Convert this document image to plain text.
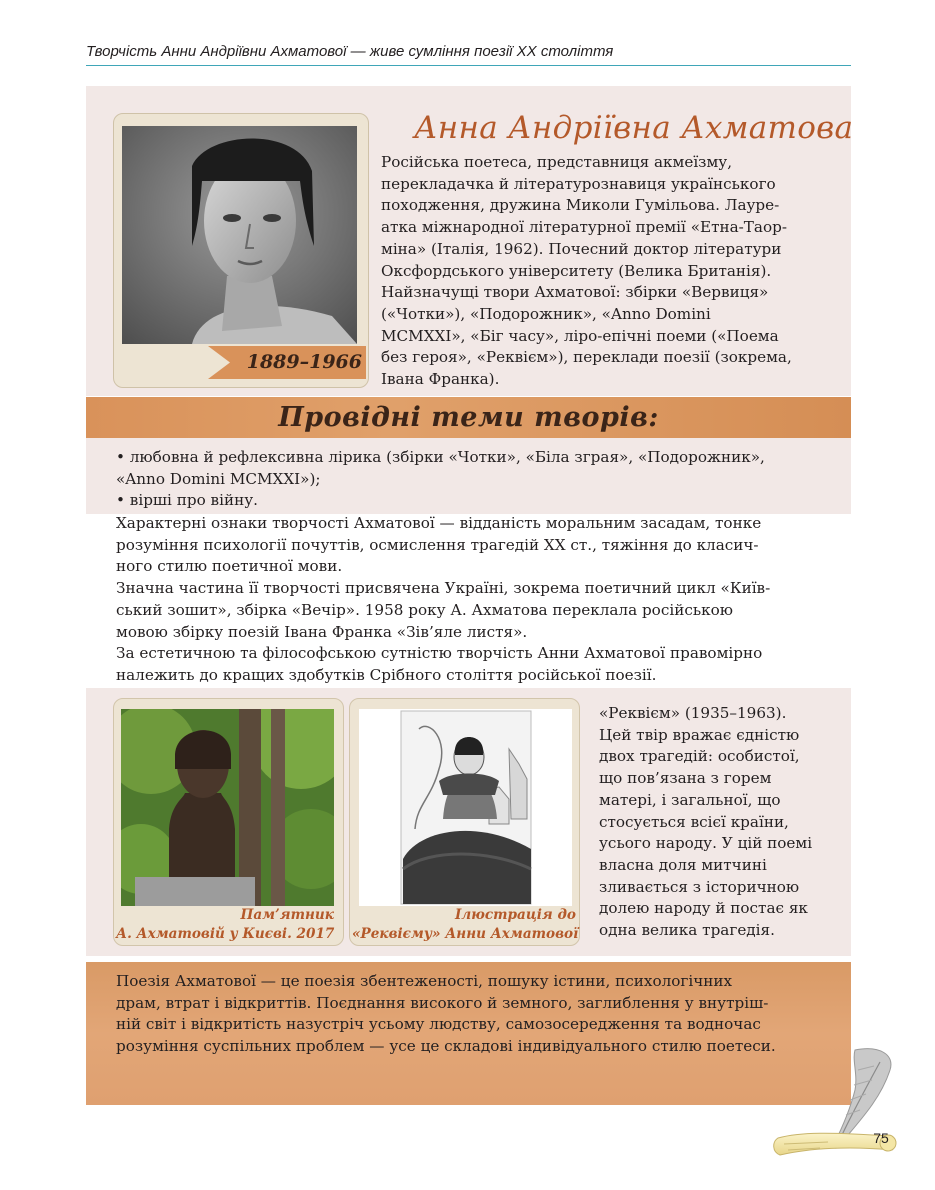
Творчість Анни Андріївни Ахматової — живе сумління поезії ХХ століття
1889–1966
Анна Андріївна Ахматова
Російська поетеса, представниця акмеїзму,
перекладачка й літературознавиця українського
походження, дружина Миколи Гумільова. Лауре-
атка міжнародної літературної премії «Етна-Таор-
міна» (Італія, 1962). Почесний доктор літератури
Оксфордського університету (Велика Британія).
Найзначущі твори Ахматової: збірки «Вервиця»
(«Чотки»), «Подорожник», «Anno Domini
MCMXXI», «Біг часу», ліро-епічні поеми («Поема
без героя», «Реквієм»), переклади поезії (зокрема,
Івана Франка).
Провідні теми творів:
• любовна й рефлексивна лірика (збірки «Чотки», «Біла зграя», «Подорожник»,
«Anno Domini MCMXXI»);
• вірші про війну.
Характерні ознаки творчості Ахматової — відданість моральним засадам, тонке
розуміння психології почуттів, осмислення трагедій ХХ ст., тяжіння до класич-
ного стилю поетичної мови.
Значна частина її творчості присвячена Україні, зокрема поетичний цикл «Київ-
ський зошит», збірка «Вечір». 1958 року А. Ахматова переклала російською
мовою збірку поезій Івана Франка «Зів’яле листя».
За естетичною та філософською сутністю творчість Анни Ахматової правомірно
належить до кращих здобутків Срібного століття російської поезії.
Пам’ятник
А. Ахматовій у Києві. 2017
Ілюстрація до
«Реквієму» Анни Ахматової
«Реквієм» (1935–1963).
Цей твір вражає єдністю
двох трагедій: особистої,
що пов’язана з горем
матері, і загальної, що
стосується всієї країни,
усього народу. У цій поемі
власна доля митчині
зливається з історичною
долею народу й постає як
одна велика трагедія.
Поезія Ахматової — це поезія збентеженості, пошуку істини, психологічних
драм, втрат і відкриттів. Поєднання високого й земного, заглиблення у внутріш-
ній світ і відкритість назустріч усьому людству, самозосередження та водночас
розуміння суспільних проблем — усе це складові індивідуального стилю поетеси.
75
